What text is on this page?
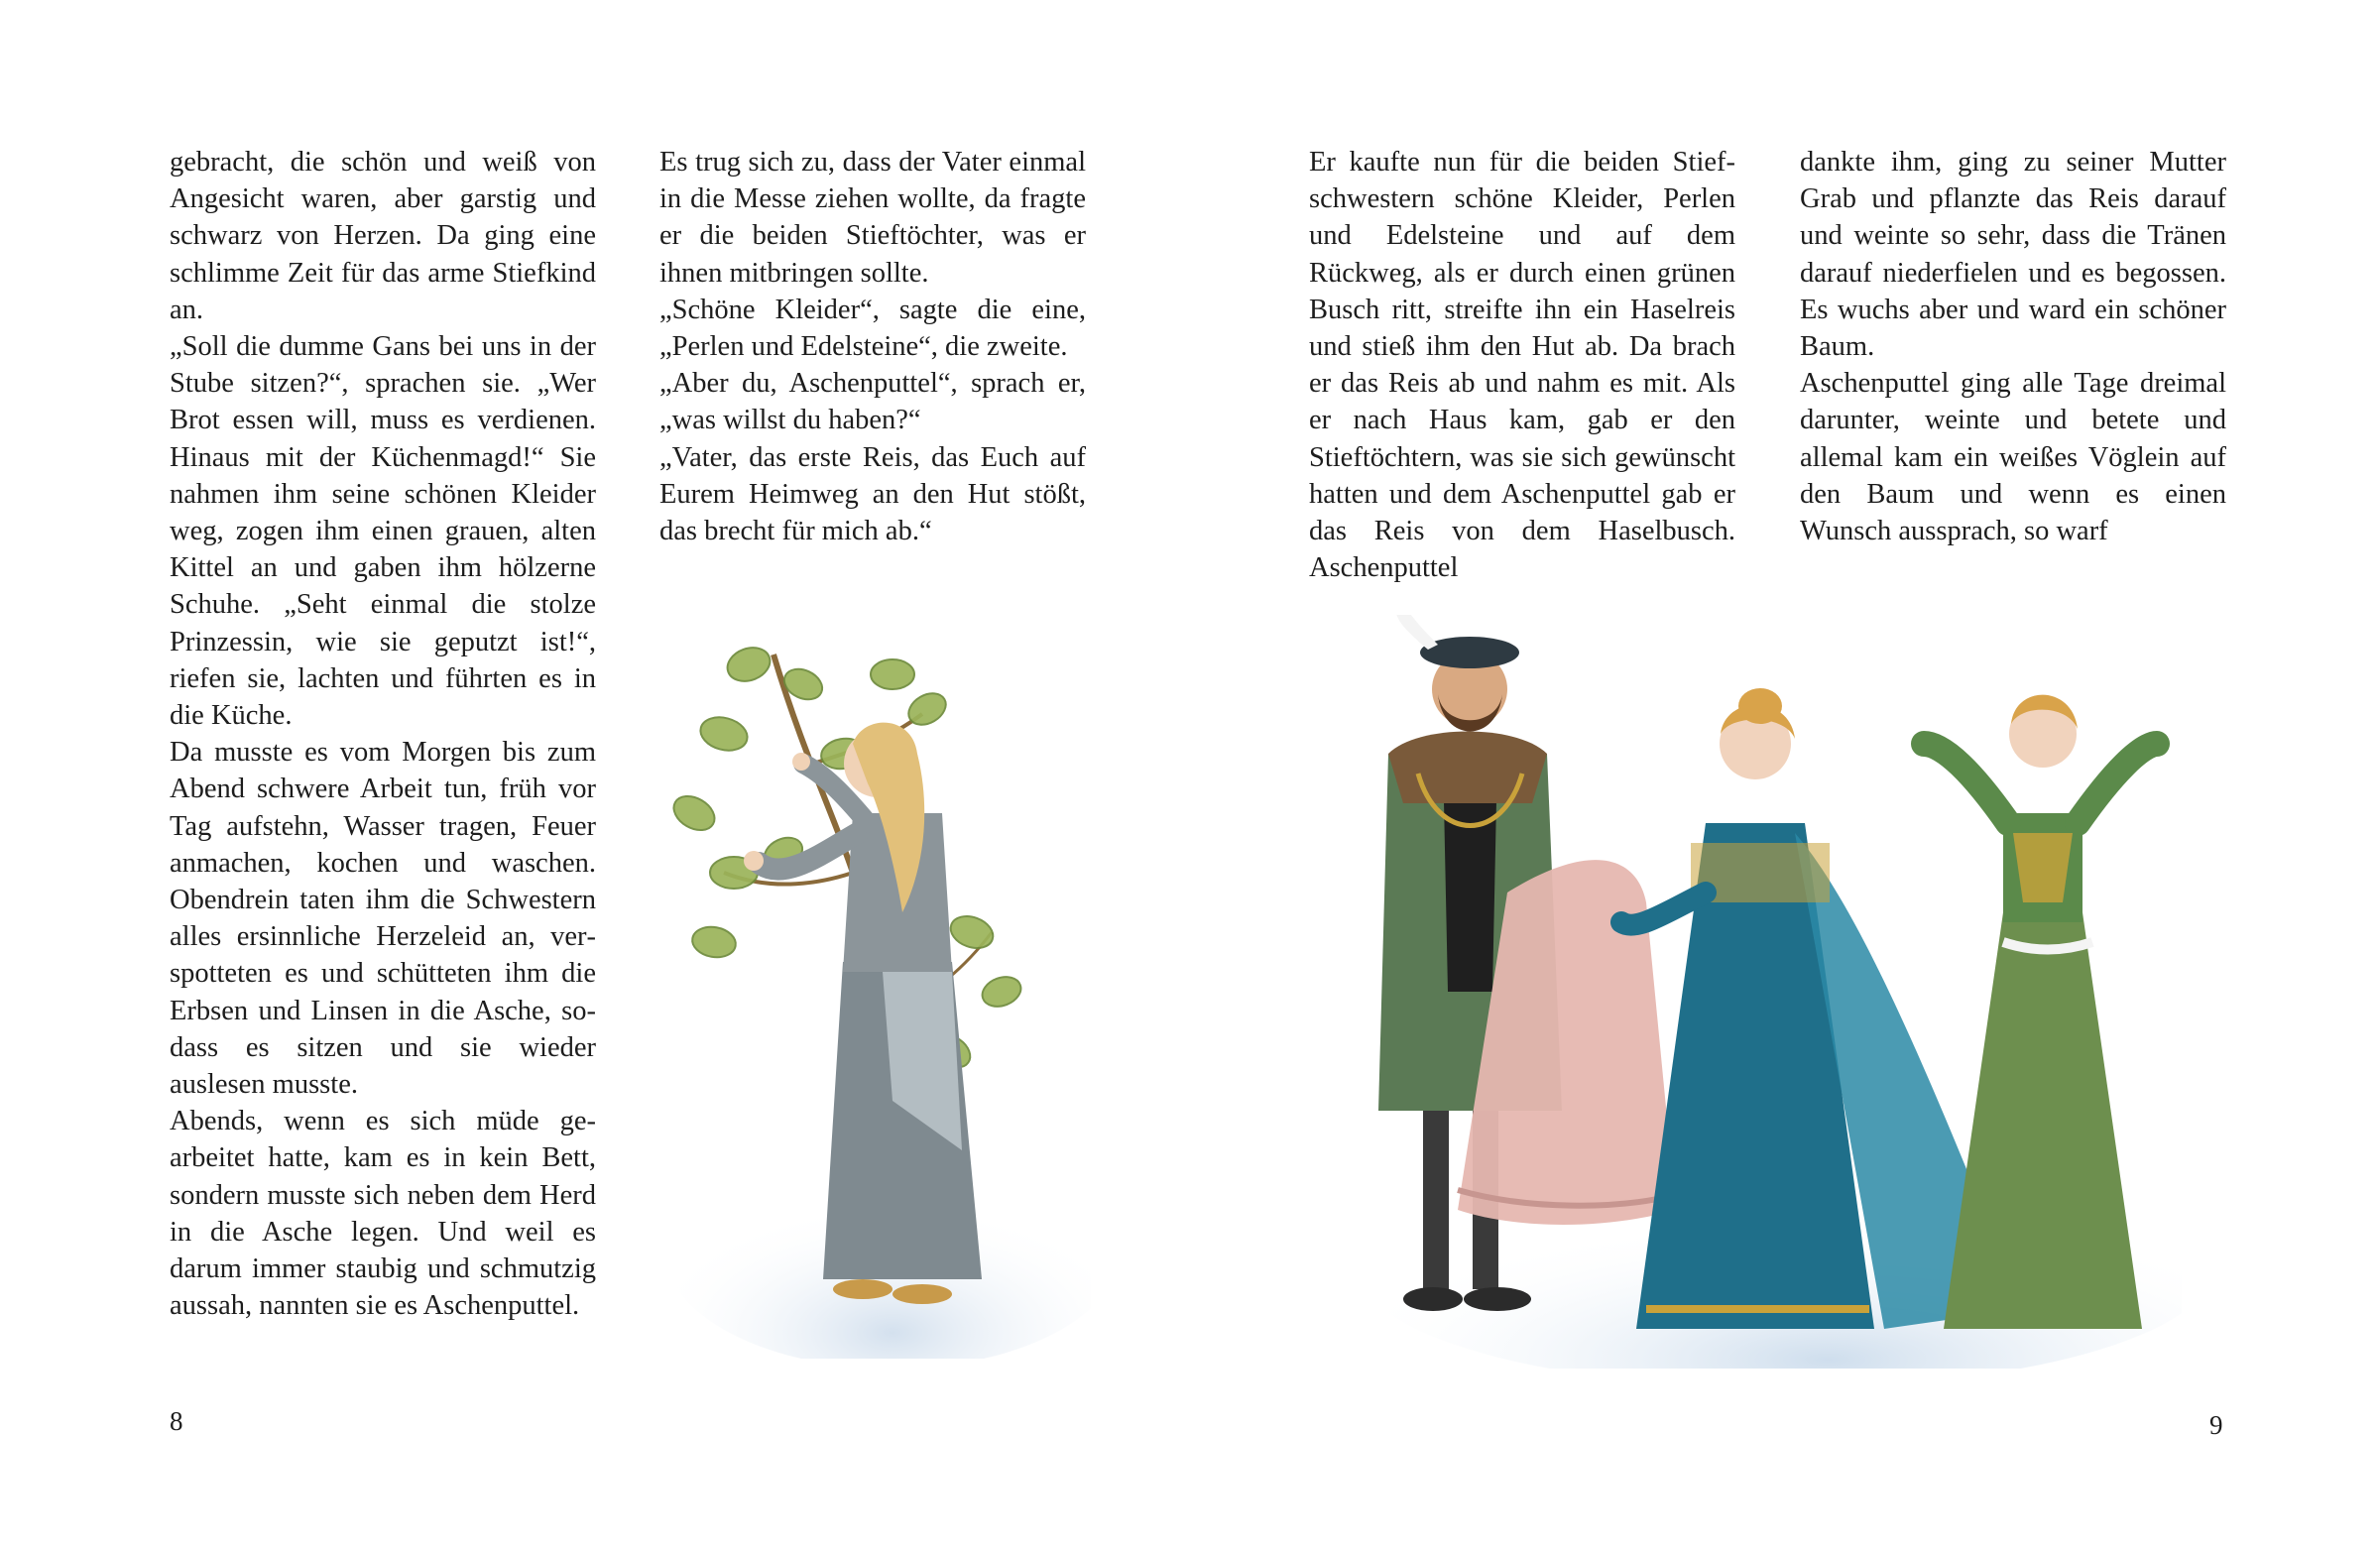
gebracht, die schön und weiß von Angesicht waren, aber garstig und schwarz von Herzen. Da ging eine schlimme Zeit für das arme Stiefkind an.

„Soll die dumme Gans bei uns in der Stube sitzen?“, sprachen sie. „Wer Brot essen will, muss es verdienen. Hinaus mit der Küchenmagd!“ Sie nahmen ihm seine schönen Kleider weg, zogen ihm einen grauen, alten Kittel an und gaben ihm hölzerne Schuhe. „Seht einmal die stolze Prinzessin, wie sie geputzt ist!“, riefen sie, lachten und führten es in die Küche.

Da musste es vom Morgen bis zum Abend schwere Arbeit tun, früh vor Tag aufstehn, Wasser tragen, Feuer anmachen, kochen und waschen. Obendrein taten ihm die Schwestern alles ersinnliche Herzeleid an, verspotteten es und schütteten ihm die Erbsen und Linsen in die Asche, sodass es sitzen und sie wieder auslesen musste.

Abends, wenn es sich müde gearbeitet hatte, kam es in kein Bett, sondern musste sich neben dem Herd in die Asche legen. Und weil es darum immer staubig und schmutzig aussah, nannten sie es Aschenputtel.

Es trug sich zu, dass der Vater einmal in die Messe ziehen wollte, da fragte er die beiden Stieftöchter, was er ihnen mitbringen sollte.

„Schöne Kleider“, sagte die eine, „Perlen und Edelsteine“, die zweite.

„Aber du, Aschenputtel“, sprach er, „was willst du haben?“

„Vater, das erste Reis, das Euch auf Eurem Heimweg an den Hut stößt, das brecht für mich ab.“

8

Er kaufte nun für die beiden Stiefschwestern schöne Kleider, Perlen und Edelsteine und auf dem Rückweg, als er durch einen grünen Busch ritt, streifte ihn ein Haselreis und stieß ihm den Hut ab. Da brach er das Reis ab und nahm es mit. Als er nach Haus kam, gab er den Stieftöchtern, was sie sich gewünscht hatten und dem Aschenputtel gab er das Reis von dem Haselbusch. Aschenputtel

dankte ihm, ging zu seiner Mutter Grab und pflanzte das Reis darauf und weinte so sehr, dass die Tränen darauf niederfielen und es begossen. Es wuchs aber und ward ein schöner Baum.

Aschenputtel ging alle Tage dreimal darunter, weinte und betete und allemal kam ein weißes Vöglein auf den Baum und wenn es einen Wunsch aussprach, so warf

9
